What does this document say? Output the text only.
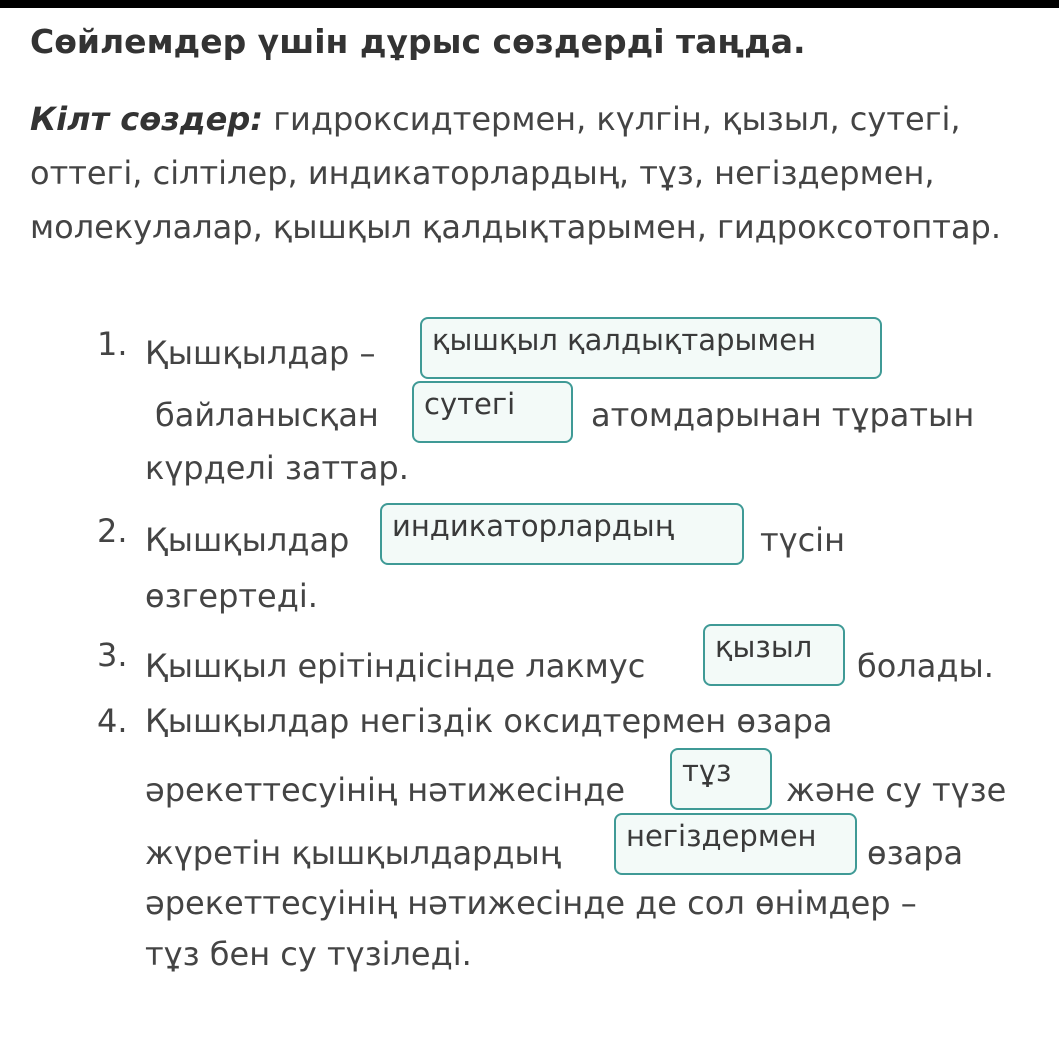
Сөйлемдер үшін дұрыс сөздерді таңда.
Кілт сөздер: гидроксидтермен, күлгін, қызыл, сутегі, оттегі, сілтілер, индикаторлардың, тұз, негіздермен, молекулалар, қышқыл қалдықтарымен, гидроксотоптар.
1. Қышқылдар –	қышқыл қалдықтарымен
байланысқан	сутегі	атомдарынан тұратын
күрделі заттар.
2. Қышқылдар	индикаторлардың	түсін
өзгертеді.
3. Қышқыл ерітіндісінде лакмус	қызыл	болады.
4. Қышқылдар негіздік оксидтермен өзара
әрекеттесуінің нәтижесінде	тұз	және су түзе
жүретін қышқылдардың	негіздермен	өзара
әрекеттесуінің нәтижесінде де сол өнімдер –
тұз бен су түзіледі.
